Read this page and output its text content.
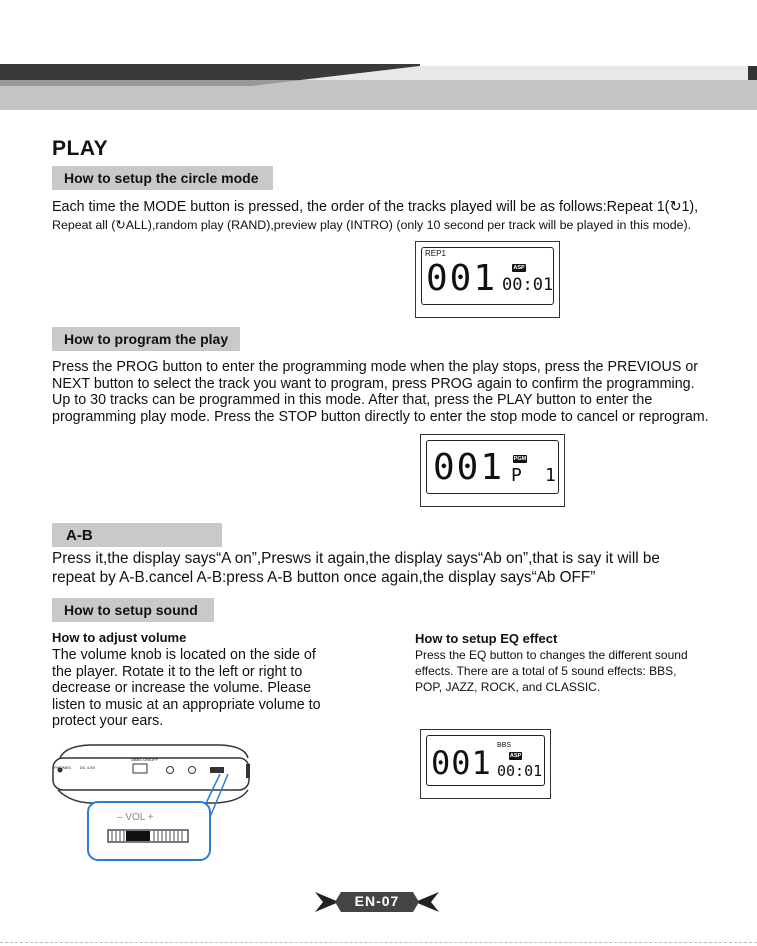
PLAY
How to setup the circle mode
Each time the MODE button is pressed, the order of the tracks played will be as follows:Repeat 1(↻1),
Repeat all (↻ALL),random play (RAND),preview play (INTRO) (only 10 second per track will be played in this mode).
REP1
001	ASP
00:01
How to program the play
Press the PROG button to enter the programming mode when the play stops, press the PREVIOUS or
NEXT button to select the track you want to program, press PROG again to confirm the programming.
Up to 30 tracks can be programmed in this mode. After that, press the PLAY button to enter the
programming play mode. Press the STOP button directly to enter the stop mode to cancel or reprogram.
001 PGM
P 1
A-B
Press it,the display says“A on”,Presws it again,the display says“Ab on”,that is say it will be
repeat by A-B.cancel A-B:press A-B button once again,the display says“Ab OFF”
How to setup sound
How to adjust volume
The volume knob is located on the side of
the player. Rotate it to the left or right to
decrease or increase the volume. Please
listen to music at an appropriate volume to
protect your ears.
How to setup EQ effect
Press the EQ button to changes the different sound
effects. There are a total of 5 sound effects: BBS,
POP, JAZZ, ROCK, and CLASSIC.
PHONES DC 4.5V
DBBS ON/OFF
– VOL +
BBS
001	ASP
00:01
EN-07
